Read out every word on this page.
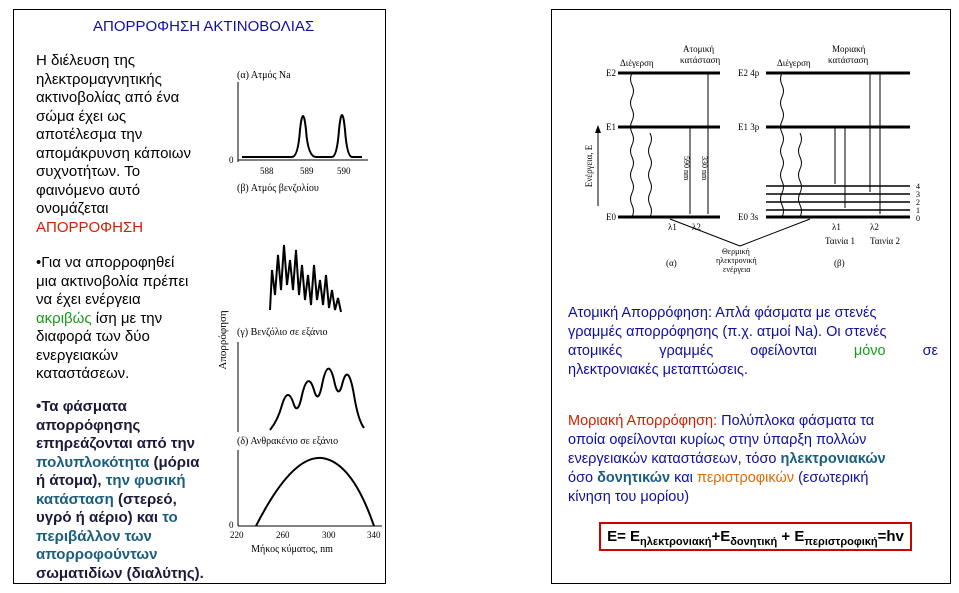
ΑΠΟΡΡΟΦΗΣΗ ΑΚΤΙΝΟΒΟΛΙΑΣ
Η διέλευση της
ηλεκτρομαγνητικής
ακτινοβολίας από ένα
σώμα έχει ως
αποτέλεσμα την
απομάκρυνση κάποιων
συχνοτήτων. Το
φαινόμενο αυτό
ονομάζεται
ΑΠΟΡΡΟΦΗΣΗ
•Για να απορροφηθεί
μια ακτινοβολία πρέπει
να έχει ενέργεια
ακριβώς ίση με την
διαφορά των δύο
ενεργειακών
καταστάσεων.
•Τα φάσματα
απορρόφησης
επηρεάζονται από την
πολυπλοκότητα (μόρια
ή άτομα), την φυσική
κατάσταση (στερεό,
υγρό ή αέριο) και το
περιβάλλον των
απορροφούντων
σωματιδίων (διαλύτης).
Απορρόφηση
(α) Ατμός Na
0
588	589	590
(β) Ατμός βενζολίου
(γ) Βενζόλιο σε εξάνιο
(δ) Ανθρακένιο σε εξάνιο
0
220	260	300	340
Μήκος κύματος, nm
Ενέργεια, E
Διέγερση
Ατομική
κατάσταση
E2
E1
E0
590 nm 330 nm
λ1 λ2
(α)
Διέγερση
Μοριακή
κατάσταση
E2 4p
E1 3p
E0 3s
4
3
2
1
0
λ1	λ2
Ταινία 1 Ταινία 2
(β)
Θερμική
ηλεκτρονική
ενέργεια
Ατομική Απορρόφηση: Απλά φάσματα με στενές
γραμμές απορρόφησης (π.χ. ατμοί Na). Οι στενές
ατομικές γραμμές οφείλονται μόνο σε
ηλεκτρονιακές μεταπτώσεις.
Μοριακή Απορρόφηση: Πολύπλοκα φάσματα τα
οποία οφείλονται κυρίως στην ύπαρξη πολλών
ενεργειακών καταστάσεων, τόσο ηλεκτρονιακών
όσο δονητικών και περιστροφικών (εσωτερική
κίνηση του μορίου)
$E= E_{\eta\lambda\varepsilon\kappa\tau\rho o\nu\iota\alpha\kappa ή}+E_{\delta o\nu\eta\tau\iota\kappa ή} + E_{\pi\varepsilon\rho\iota\sigma\tau\rho o\varphi\iota\kappa ή}=hv$
